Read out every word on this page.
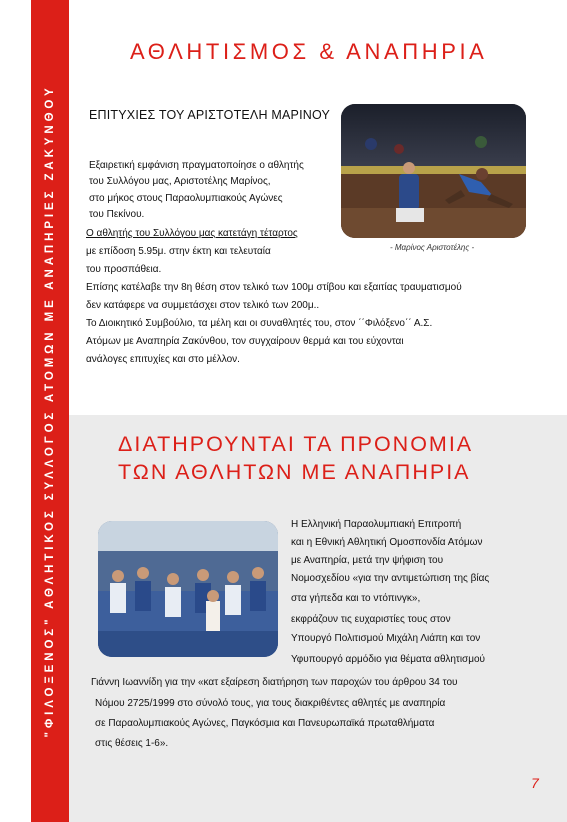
"ΦΙΛΟΞΕΝΟΣ" ΑΘΛΗΤΙΚΟΣ ΣΥΛΛΟΓΟΣ ΑΤΟΜΩΝ ΜΕ ΑΝΑΠΗΡΙΕΣ ΖΑΚΥΝΘΟΥ
ΑΘΛΗΤΙΣΜΟΣ & ΑΝΑΠΗΡΙΑ
ΕΠΙΤΥΧΙΕΣ ΤΟΥ ΑΡΙΣΤΟΤΕΛΗ ΜΑΡΙΝΟΥ
Εξαιρετική εμφάνιση πραγματοποίησε ο αθλητής
του Συλλόγου μας, Αριστοτέλης Μαρίνος,
στο μήκος στους Παραολυμπιακούς Αγώνες
του Πεκίνου.
Ο αθλητής του Συλλόγου μας κατετάγη τέταρτος
με επίδοση 5.95μ. στην έκτη και τελευταία
του προσπάθεια.
Επίσης κατέλαβε την 8η θέση στον τελικό των 100μ στίβου και εξαιτίας τραυματισμού
δεν κατάφερε να συμμετάσχει στον τελικό των 200μ..
Το Διοικητικό Συμβούλιο, τα μέλη και οι συναθλητές του, στον ΄΄Φιλόξενο΄΄ Α.Σ.
Ατόμων με Αναπηρία Ζακύνθου, τον συγχαίρουν θερμά και του εύχονται
ανάλογες επιτυχίες και στο μέλλον.
- Μαρίνος Αριστοτέλης -
ΔΙΑΤΗΡΟΥΝΤΑΙ ΤΑ ΠΡΟΝΟΜΙΑ
ΤΩΝ ΑΘΛΗΤΩΝ ΜΕ ΑΝΑΠΗΡΙΑ
Η Ελληνική Παραολυμπιακή Επιτροπή
και η Εθνική Αθλητική Ομοσπονδία Ατόμων
με Αναπηρία, μετά την ψήφιση του
Νομοσχεδίου «για την αντιμετώπιση της βίας
στα γήπεδα και το ντόπινγκ»,
εκφράζουν τις ευχαριστίες τους στον
Υπουργό Πολιτισμού Μιχάλη Λιάπη και τον
Υφυπουργό αρμόδιο για θέματα αθλητισμού
Γιάννη Ιωαννίδη για την «κατ εξαίρεση διατήρηση των παροχών του άρθρου 34 του
Νόμου 2725/1999 στο σύνολό τους, για τους διακριθέντες αθλητές με αναπηρία
σε Παραολυμπιακούς Αγώνες, Παγκόσμια και Πανευρωπαϊκά πρωταθλήματα
στις θέσεις 1-6».
7
